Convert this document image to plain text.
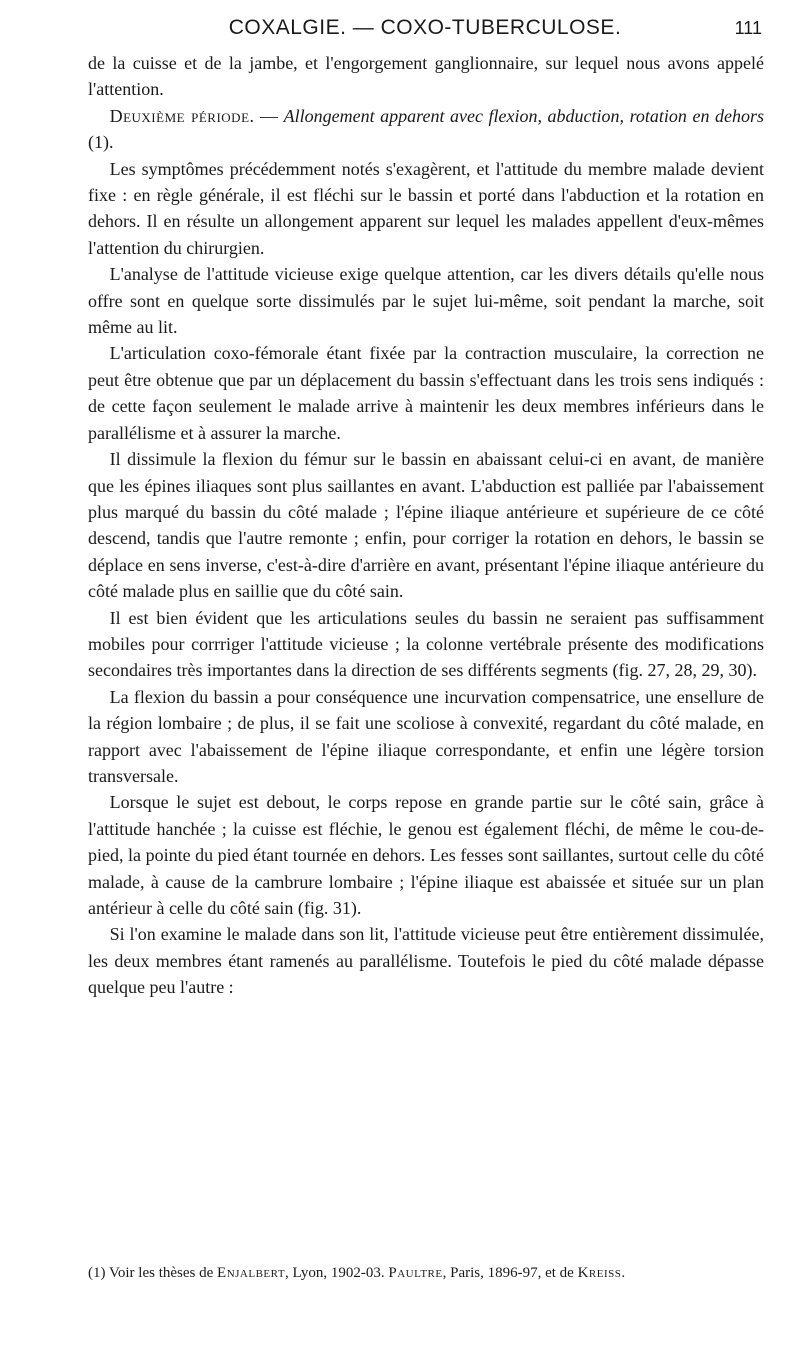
COXALGIE. — COXO-TUBERCULOSE.	111

de la cuisse et de la jambe, et l'engorgement ganglionnaire, sur lequel nous avons appelé l'attention.

Deuxième période. — Allongement apparent avec flexion, abduction, rotation en dehors (1).

Les symptômes précédemment notés s'exagèrent, et l'attitude du membre malade devient fixe : en règle générale, il est fléchi sur le bassin et porté dans l'abduction et la rotation en dehors. Il en résulte un allongement apparent sur lequel les malades appellent d'eux-mêmes l'attention du chirurgien.

L'analyse de l'attitude vicieuse exige quelque attention, car les divers détails qu'elle nous offre sont en quelque sorte dissimulés par le sujet lui-même, soit pendant la marche, soit même au lit.

L'articulation coxo-fémorale étant fixée par la contraction musculaire, la correction ne peut être obtenue que par un déplacement du bassin s'effectuant dans les trois sens indiqués : de cette façon seulement le malade arrive à maintenir les deux membres inférieurs dans le parallélisme et à assurer la marche.

Il dissimule la flexion du fémur sur le bassin en abaissant celui-ci en avant, de manière que les épines iliaques sont plus saillantes en avant. L'abduction est palliée par l'abaissement plus marqué du bassin du côté malade ; l'épine iliaque antérieure et supérieure de ce côté descend, tandis que l'autre remonte ; enfin, pour corriger la rotation en dehors, le bassin se déplace en sens inverse, c'est-à-dire d'arrière en avant, présentant l'épine iliaque antérieure du côté malade plus en saillie que du côté sain.

Il est bien évident que les articulations seules du bassin ne seraient pas suffisamment mobiles pour corrriger l'attitude vicieuse ; la colonne vertébrale présente des modifications secondaires très importantes dans la direction de ses différents segments (fig. 27, 28, 29, 30).

La flexion du bassin a pour conséquence une incurvation compensatrice, une ensellure de la région lombaire ; de plus, il se fait une scoliose à convexité, regardant du côté malade, en rapport avec l'abaissement de l'épine iliaque correspondante, et enfin une légère torsion transversale.

Lorsque le sujet est debout, le corps repose en grande partie sur le côté sain, grâce à l'attitude hanchée ; la cuisse est fléchie, le genou est également fléchi, de même le cou-de-pied, la pointe du pied étant tournée en dehors. Les fesses sont saillantes, surtout celle du côté malade, à cause de la cambrure lombaire ; l'épine iliaque est abaissée et située sur un plan antérieur à celle du côté sain (fig. 31).

Si l'on examine le malade dans son lit, l'attitude vicieuse peut être entièrement dissimulée, les deux membres étant ramenés au parallélisme. Toutefois le pied du côté malade dépasse quelque peu l'autre :

(1) Voir les thèses de Enjalbert, Lyon, 1902-03. Paultre, Paris, 1896-97, et de Kreiss.
